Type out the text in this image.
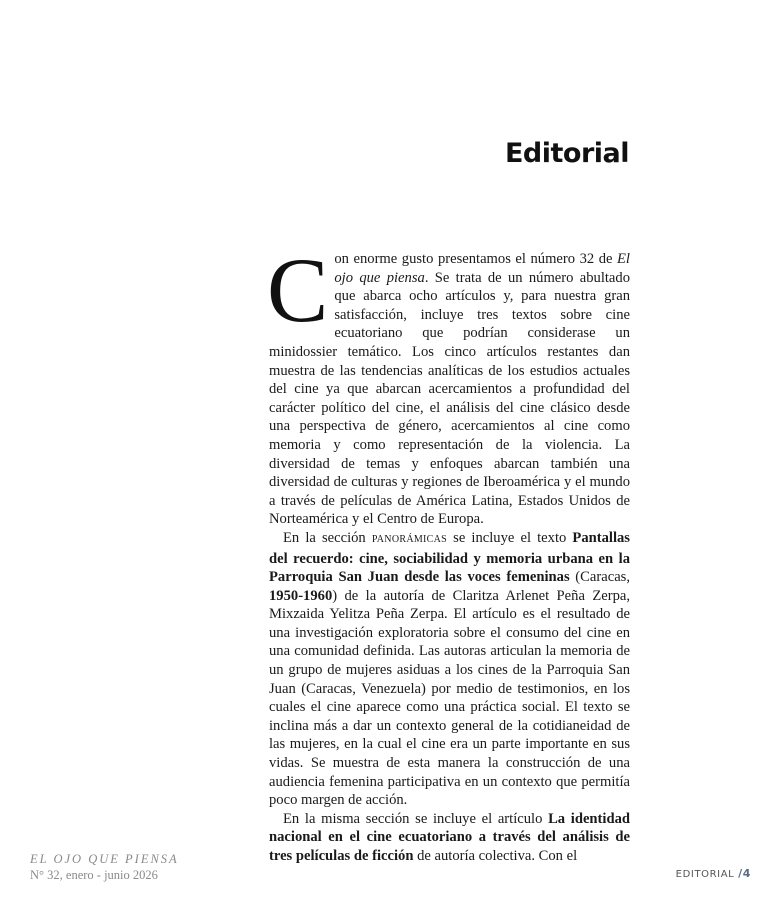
Editorial

Con enorme gusto presentamos el número 32 de El ojo que piensa. Se trata de un número abultado que abarca ocho artículos y, para nuestra gran satisfacción, incluye tres textos sobre cine ecuatoriano que podrían considerase un minidossier temático. Los cinco artículos restantes dan muestra de las tendencias analíticas de los estudios actuales del cine ya que abarcan acercamientos a profundidad del carácter político del cine, el análisis del cine clásico desde una perspectiva de género, acercamientos al cine como memoria y como representación de la violencia. La diversidad de temas y enfoques abarcan también una diversidad de culturas y regiones de Iberoamérica y el mundo a través de películas de América Latina, Estados Unidos de Norteamérica y el Centro de Europa.

En la sección PANORÁMICAS se incluye el texto Pantallas del recuerdo: cine, sociabilidad y memoria urbana en la Parroquia San Juan desde las voces femeninas (Caracas, 1950-1960) de la autoría de Claritza Arlenet Peña Zerpa, Mixzaida Yelitza Peña Zerpa. El artículo es el resultado de una investigación exploratoria sobre el consumo del cine en una comunidad definida. Las autoras articulan la memoria de un grupo de mujeres asiduas a los cines de la Parroquia San Juan (Caracas, Venezuela) por medio de testimonios, en los cuales el cine aparece como una práctica social. El texto se inclina más a dar un contexto general de la cotidianeidad de las mujeres, en la cual el cine era un parte importante en sus vidas. Se muestra de esta manera la construcción de una audiencia femenina participativa en un contexto que permitía poco margen de acción.

En la misma sección se incluye el artículo La identidad nacional en el cine ecuatoriano a través del análisis de tres películas de ficción de autoría colectiva. Con el

EL OJO QUE PIENSA
N° 32, enero - junio 2026	EDITORIAL /4
